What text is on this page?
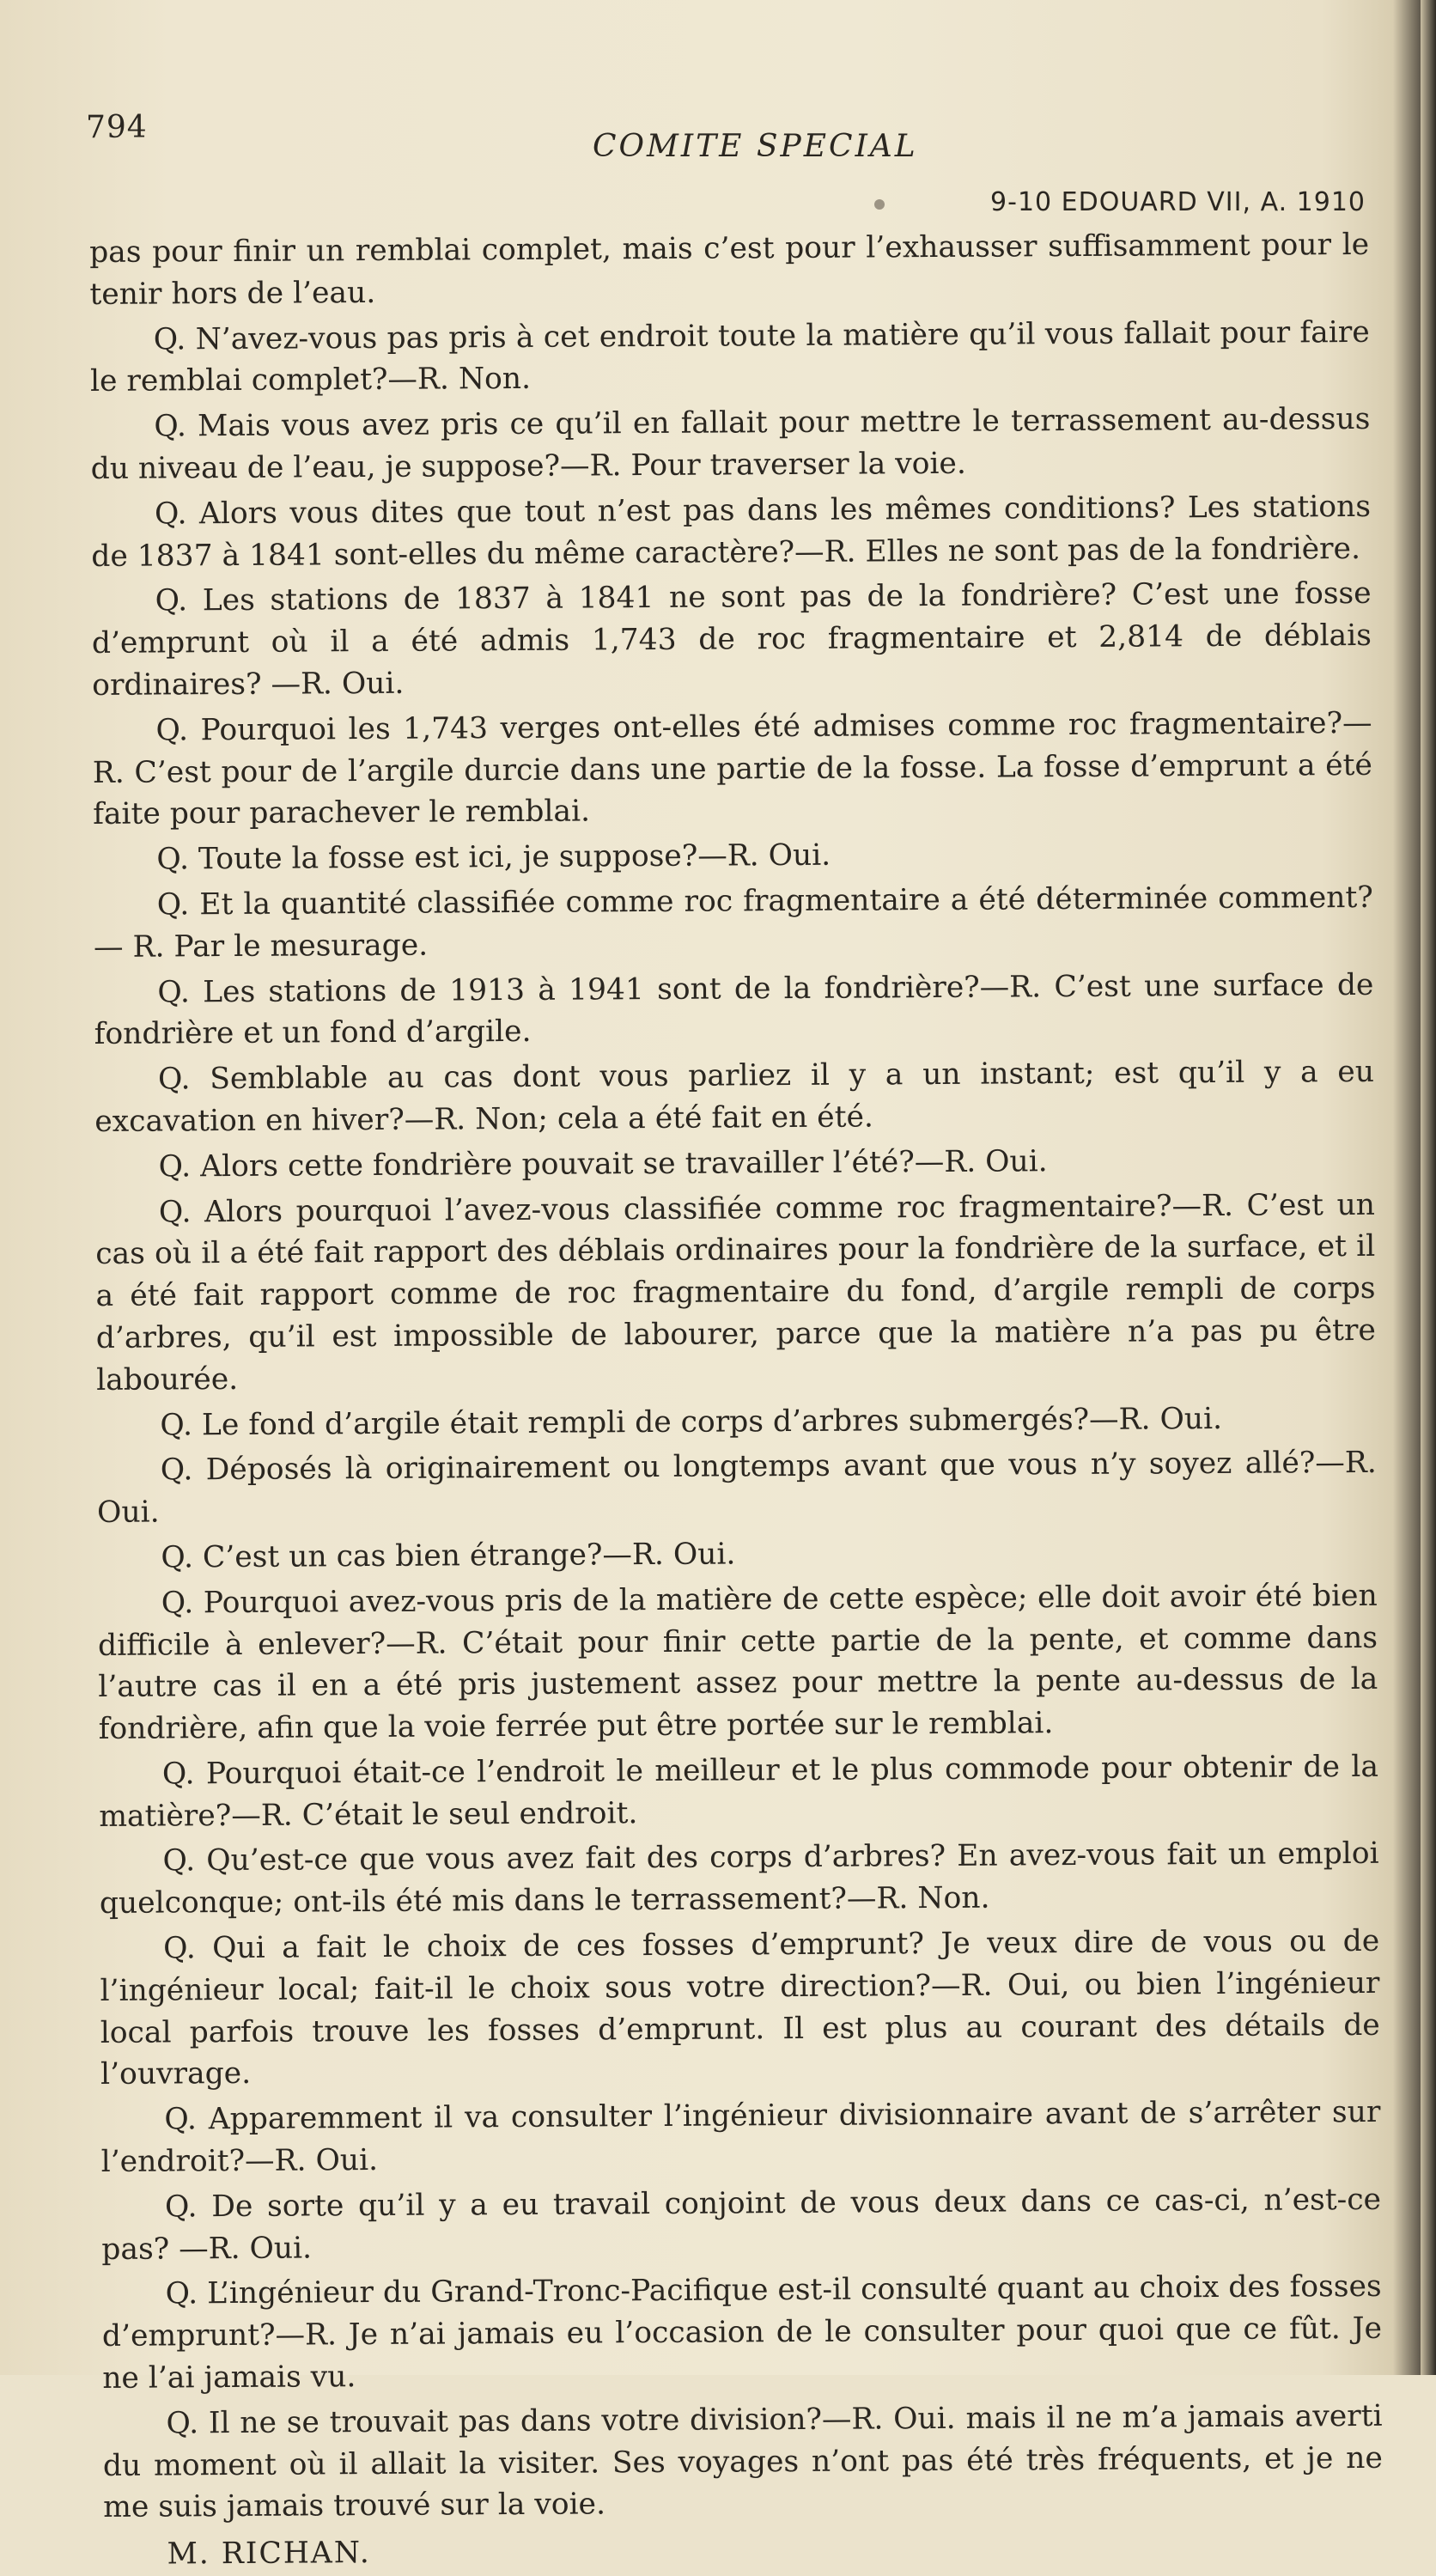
794
COMITE SPECIAL
9-10 EDOUARD VII, A. 1910

pas pour finir un remblai complet, mais c’est pour l’exhausser suffisamment pour le tenir hors de l’eau.

Q. N’avez-vous pas pris à cet endroit toute la matière qu’il vous fallait pour faire le remblai complet?—R. Non.

Q. Mais vous avez pris ce qu’il en fallait pour mettre le terrassement au-dessus du niveau de l’eau, je suppose?—R. Pour traverser la voie.

Q. Alors vous dites que tout n’est pas dans les mêmes conditions? Les stations de 1837 à 1841 sont-elles du même caractère?—R. Elles ne sont pas de la fondrière.

Q. Les stations de 1837 à 1841 ne sont pas de la fondrière? C’est une fosse d’emprunt où il a été admis 1,743 de roc fragmentaire et 2,814 de déblais ordinaires? —R. Oui.

Q. Pourquoi les 1,743 verges ont-elles été admises comme roc fragmentaire?—R. C’est pour de l’argile durcie dans une partie de la fosse. La fosse d’emprunt a été faite pour parachever le remblai.

Q. Toute la fosse est ici, je suppose?—R. Oui.

Q. Et la quantité classifiée comme roc fragmentaire a été déterminée comment?— R. Par le mesurage.

Q. Les stations de 1913 à 1941 sont de la fondrière?—R. C’est une surface de fondrière et un fond d’argile.

Q. Semblable au cas dont vous parliez il y a un instant; est qu’il y a eu excavation en hiver?—R. Non; cela a été fait en été.

Q. Alors cette fondrière pouvait se travailler l’été?—R. Oui.

Q. Alors pourquoi l’avez-vous classifiée comme roc fragmentaire?—R. C’est un cas où il a été fait rapport des déblais ordinaires pour la fondrière de la surface, et il a été fait rapport comme de roc fragmentaire du fond, d’argile rempli de corps d’arbres, qu’il est impossible de labourer, parce que la matière n’a pas pu être labourée.

Q. Le fond d’argile était rempli de corps d’arbres submergés?—R. Oui.

Q. Déposés là originairement ou longtemps avant que vous n’y soyez allé?—R. Oui.

Q. C’est un cas bien étrange?—R. Oui.

Q. Pourquoi avez-vous pris de la matière de cette espèce; elle doit avoir été bien difficile à enlever?—R. C’était pour finir cette partie de la pente, et comme dans l’autre cas il en a été pris justement assez pour mettre la pente au-dessus de la fondrière, afin que la voie ferrée put être portée sur le remblai.

Q. Pourquoi était-ce l’endroit le meilleur et le plus commode pour obtenir de la matière?—R. C’était le seul endroit.

Q. Qu’est-ce que vous avez fait des corps d’arbres? En avez-vous fait un emploi quelconque; ont-ils été mis dans le terrassement?—R. Non.

Q. Qui a fait le choix de ces fosses d’emprunt? Je veux dire de vous ou de l’ingénieur local; fait-il le choix sous votre direction?—R. Oui, ou bien l’ingénieur local parfois trouve les fosses d’emprunt. Il est plus au courant des détails de l’ouvrage.

Q. Apparemment il va consulter l’ingénieur divisionnaire avant de s’arrêter sur l’endroit?—R. Oui.

Q. De sorte qu’il y a eu travail conjoint de vous deux dans ce cas-ci, n’est-ce pas? —R. Oui.

Q. L’ingénieur du Grand-Tronc-Pacifique est-il consulté quant au choix des fosses d’emprunt?—R. Je n’ai jamais eu l’occasion de le consulter pour quoi que ce fût. Je ne l’ai jamais vu.

Q. Il ne se trouvait pas dans votre division?—R. Oui. mais il ne m’a jamais averti du moment où il allait la visiter. Ses voyages n’ont pas été très fréquents, et je ne me suis jamais trouvé sur la voie.

M. RICHAN.
